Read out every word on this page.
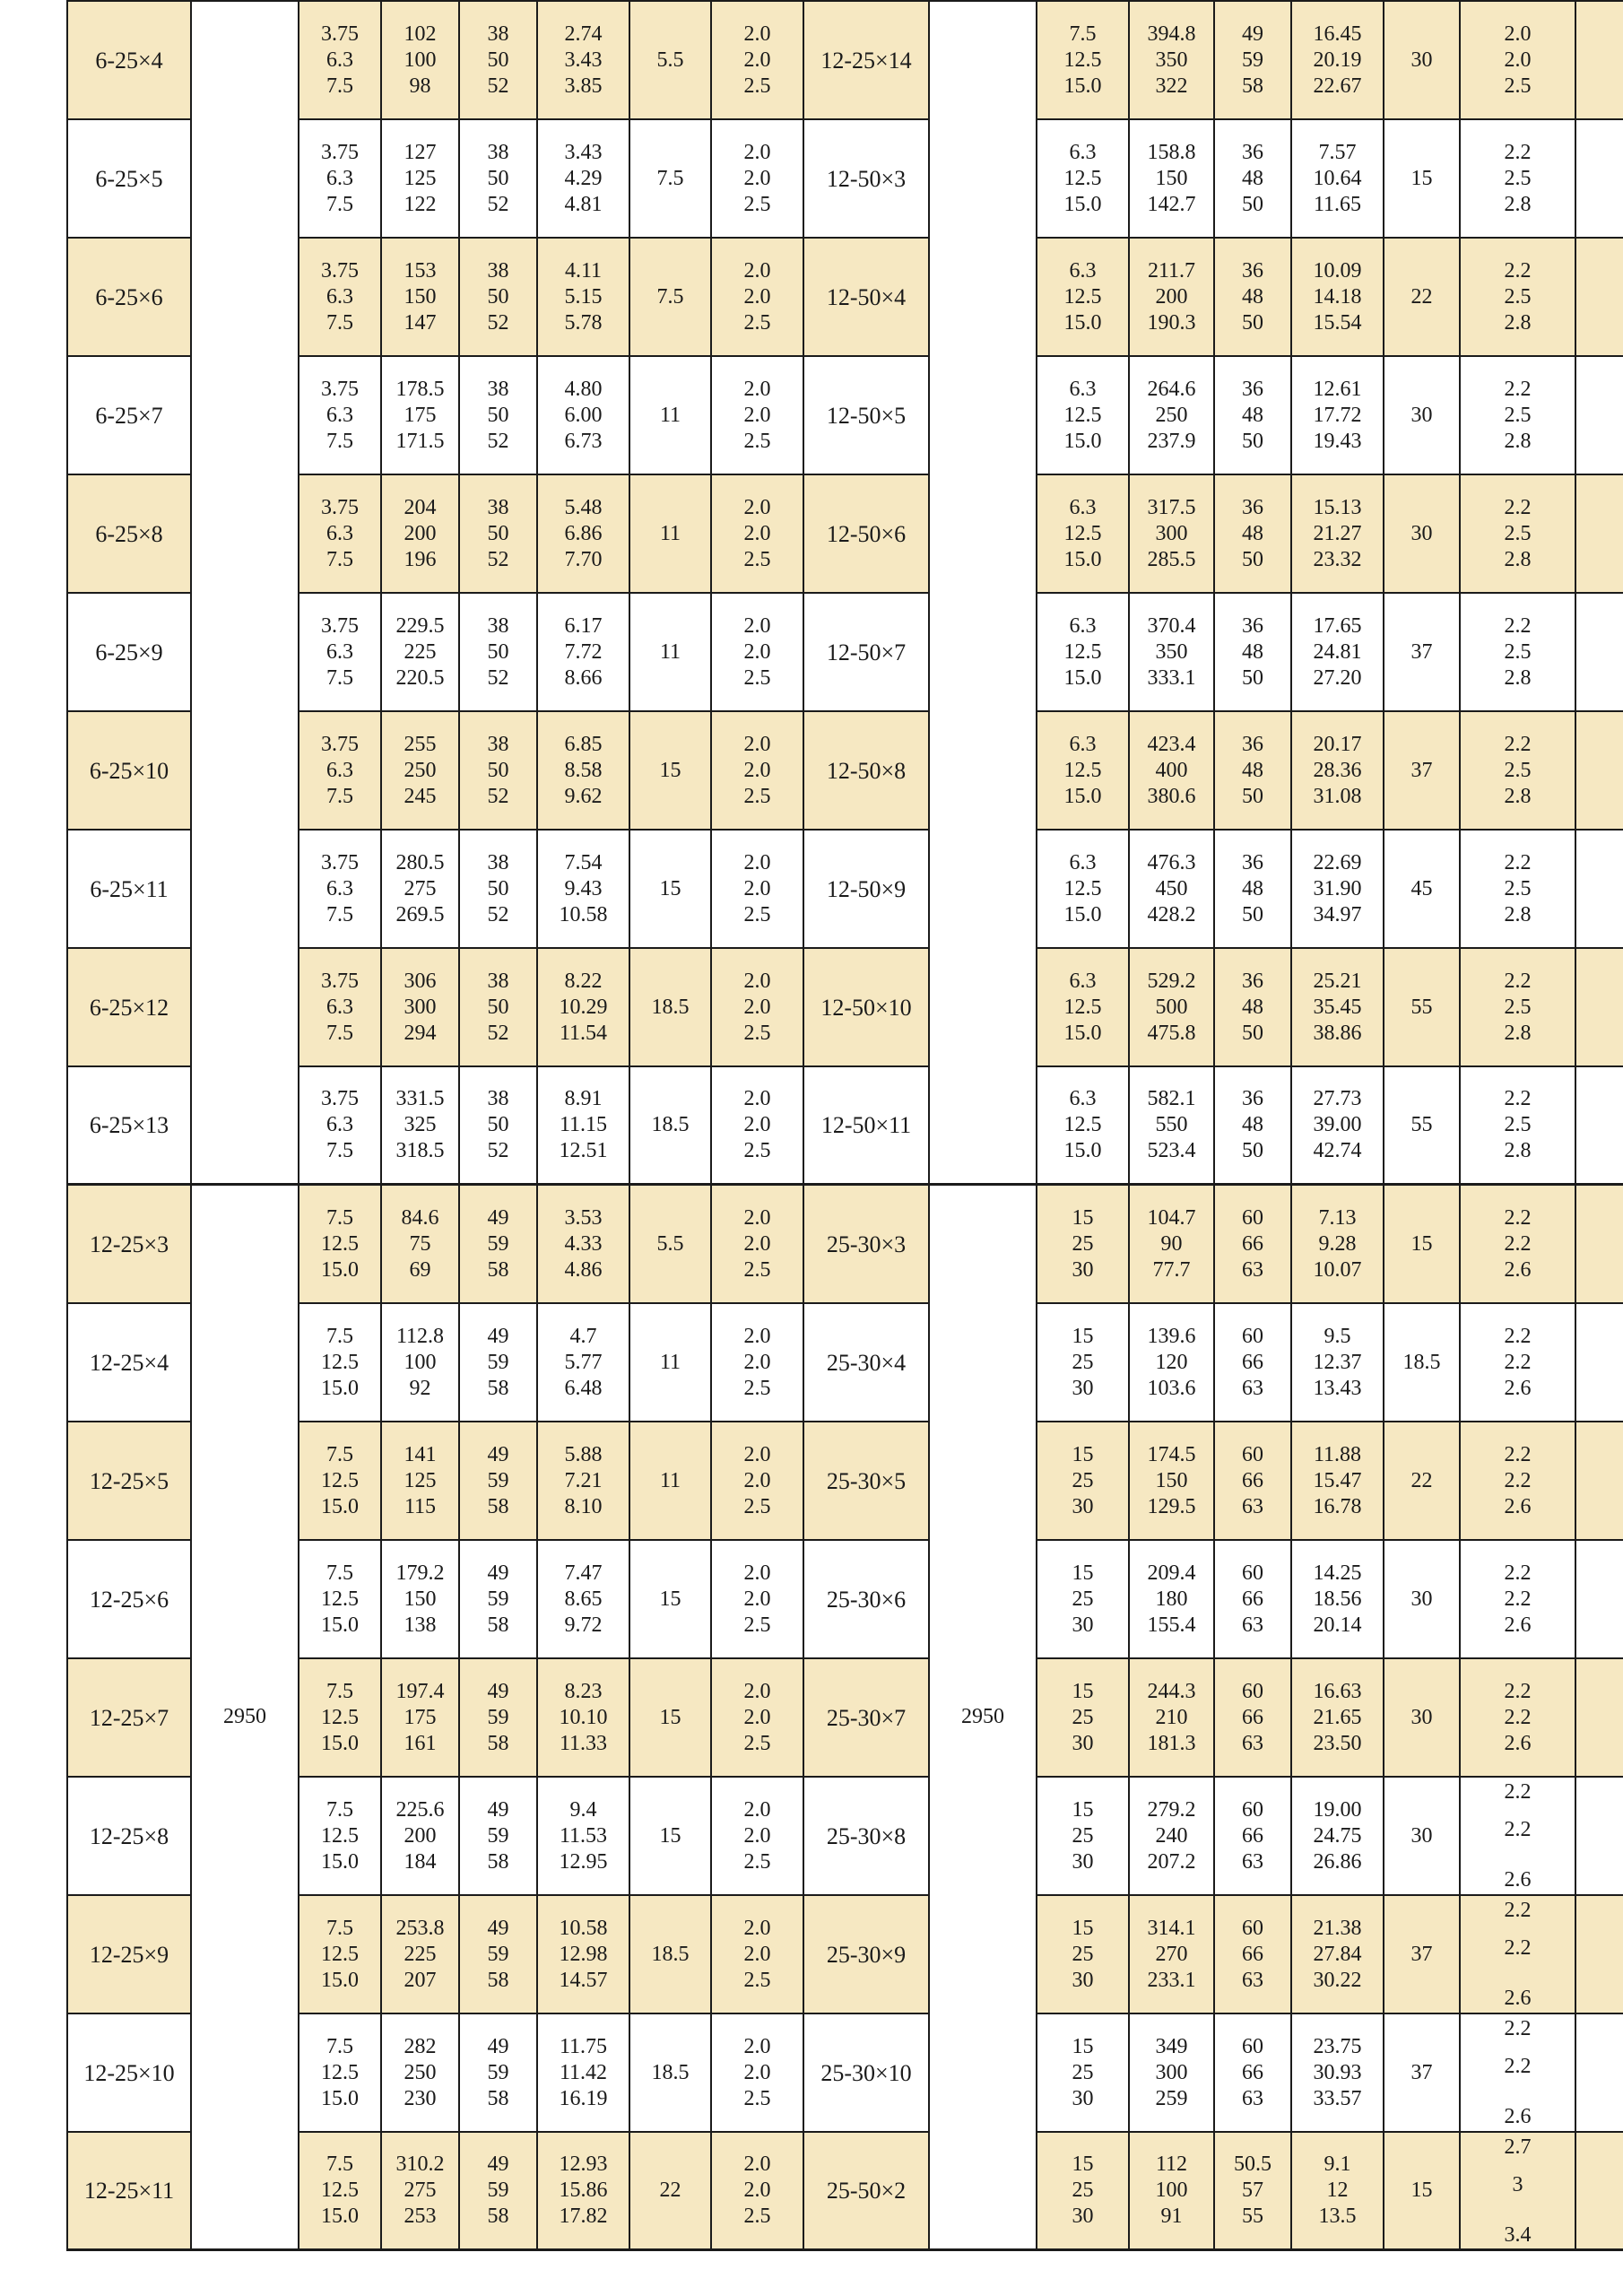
6-25×4
3.75
6.3
7.5
102
100
98
38
50
52
2.74
3.43
3.85
5.5
2.0
2.0
2.5
6-25×5
3.75
6.3
7.5
127
125
122
38
50
52
3.43
4.29
4.81
7.5
2.0
2.0
2.5
6-25×6
3.75
6.3
7.5
153
150
147
38
50
52
4.11
5.15
5.78
7.5
2.0
2.0
2.5
6-25×7
3.75
6.3
7.5
178.5
175
171.5
38
50
52
4.80
6.00
6.73
11
2.0
2.0
2.5
6-25×8
3.75
6.3
7.5
204
200
196
38
50
52
5.48
6.86
7.70
11
2.0
2.0
2.5
6-25×9
3.75
6.3
7.5
229.5
225
220.5
38
50
52
6.17
7.72
8.66
11
2.0
2.0
2.5
6-25×10
3.75
6.3
7.5
255
250
245
38
50
52
6.85
8.58
9.62
15
2.0
2.0
2.5
6-25×11
3.75
6.3
7.5
280.5
275
269.5
38
50
52
7.54
9.43
10.58
15
2.0
2.0
2.5
6-25×12
3.75
6.3
7.5
306
300
294
38
50
52
8.22
10.29
11.54
18.5
2.0
2.0
2.5
6-25×13
3.75
6.3
7.5
331.5
325
318.5
38
50
52
8.91
11.15
12.51
18.5
2.0
2.0
2.5
12-25×3
7.5
12.5
15.0
84.6
75
69
49
59
58
3.53
4.33
4.86
5.5
2.0
2.0
2.5
12-25×4
7.5
12.5
15.0
112.8
100
92
49
59
58
4.7
5.77
6.48
11
2.0
2.0
2.5
12-25×5
7.5
12.5
15.0
141
125
115
49
59
58
5.88
7.21
8.10
11
2.0
2.0
2.5
12-25×6
7.5
12.5
15.0
179.2
150
138
49
59
58
7.47
8.65
9.72
15
2.0
2.0
2.5
12-25×7
7.5
12.5
15.0
197.4
175
161
49
59
58
8.23
10.10
11.33
15
2.0
2.0
2.5
12-25×8
7.5
12.5
15.0
225.6
200
184
49
59
58
9.4
11.53
12.95
15
2.0
2.0
2.5
12-25×9
7.5
12.5
15.0
253.8
225
207
49
59
58
10.58
12.98
14.57
18.5
2.0
2.0
2.5
12-25×10
7.5
12.5
15.0
282
250
230
49
59
58
11.75
11.42
16.19
18.5
2.0
2.0
2.5
12-25×11
7.5
12.5
15.0
310.2
275
253
49
59
58
12.93
15.86
17.82
22
2.0
2.0
2.5
2950
12-25×14
7.5
12.5
15.0
394.8
350
322
49
59
58
16.45
20.19
22.67
30
2.0
2.0
2.5
12-50×3
6.3
12.5
15.0
158.8
150
142.7
36
48
50
7.57
10.64
11.65
15
2.2
2.5
2.8
12-50×4
6.3
12.5
15.0
211.7
200
190.3
36
48
50
10.09
14.18
15.54
22
2.2
2.5
2.8
12-50×5
6.3
12.5
15.0
264.6
250
237.9
36
48
50
12.61
17.72
19.43
30
2.2
2.5
2.8
12-50×6
6.3
12.5
15.0
317.5
300
285.5
36
48
50
15.13
21.27
23.32
30
2.2
2.5
2.8
12-50×7
6.3
12.5
15.0
370.4
350
333.1
36
48
50
17.65
24.81
27.20
37
2.2
2.5
2.8
12-50×8
6.3
12.5
15.0
423.4
400
380.6
36
48
50
20.17
28.36
31.08
37
2.2
2.5
2.8
12-50×9
6.3
12.5
15.0
476.3
450
428.2
36
48
50
22.69
31.90
34.97
45
2.2
2.5
2.8
12-50×10
6.3
12.5
15.0
529.2
500
475.8
36
48
50
25.21
35.45
38.86
55
2.2
2.5
2.8
12-50×11
6.3
12.5
15.0
582.1
550
523.4
36
48
50
27.73
39.00
42.74
55
2.2
2.5
2.8
25-30×3
15
25
30
104.7
90
77.7
60
66
63
7.13
9.28
10.07
15
2.2
2.2
2.6
25-30×4
15
25
30
139.6
120
103.6
60
66
63
9.5
12.37
13.43
18.5
2.2
2.2
2.6
25-30×5
15
25
30
174.5
150
129.5
60
66
63
11.88
15.47
16.78
22
2.2
2.2
2.6
25-30×6
15
25
30
209.4
180
155.4
60
66
63
14.25
18.56
20.14
30
2.2
2.2
2.6
25-30×7
15
25
30
244.3
210
181.3
60
66
63
16.63
21.65
23.50
30
2.2
2.2
2.6
25-30×8
15
25
30
279.2
240
207.2
60
66
63
19.00
24.75
26.86
30
2.2
2.2
2.6
25-30×9
15
25
30
314.1
270
233.1
60
66
63
21.38
27.84
30.22
37
2.2
2.2
2.6
25-30×10
15
25
30
349
300
259
60
66
63
23.75
30.93
33.57
37
2.2
2.2
2.6
25-50×2
15
25
30
112
100
91
50.5
57
55
9.1
12
13.5
15
2.7
3
3.4
2950
